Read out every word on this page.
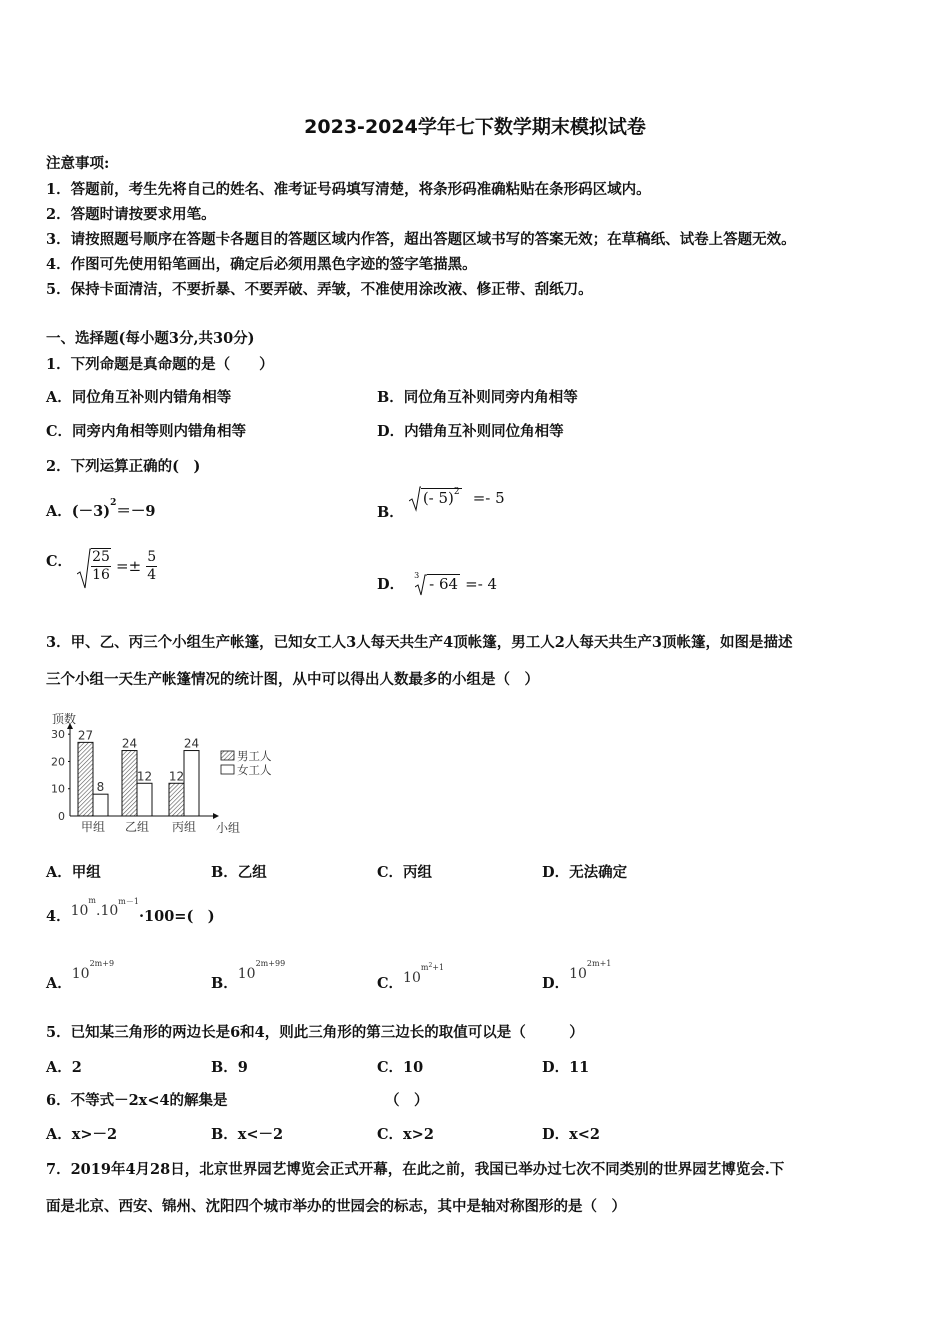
2023-2024学年七下数学期末模拟试卷
注意事项:
1．答题前，考生先将自己的姓名、准考证号码填写清楚，将条形码准确粘贴在条形码区域内。
2．答题时请按要求用笔。
3．请按照题号顺序在答题卡各题目的答题区域内作答，超出答题区域书写的答案无效；在草稿纸、试卷上答题无效。
4．作图可先使用铅笔画出，确定后必须用黑色字迹的签字笔描黑。
5．保持卡面清洁，不要折暴、不要弄破、弄皱，不准使用涂改液、修正带、刮纸刀。
一、选择题(每小题3分,共30分)
1．下列命题是真命题的是（　　）
A．同位角互补则内错角相等	B．同位角互补则同旁内角相等
C．同旁内角相等则内错角相等	D．内错角互补则同位角相等
2．下列运算正确的(　)
A．$(-3)^2=-9$	B．
(- 5)$^2$ =- 5
C． $\frac{25}{16} =\pm \frac{5}{4}$
D．
3 - 64 =- 4
3．甲、乙、丙三个小组生产帐篷，已知女工人3人每天共生产4顶帐篷，男工人2人每天共生产3顶帐篷，如图是描述
三个小组一天生产帐篷情况的统计图，从中可以得出人数最多的小组是（　）
顶数
0
10
20
30 27
8
24
12 12
24
甲组 乙组 丙组 小组
男工人
女工人
A．甲组	B．乙组	C．丙组	D．无法确定
4．$10^m.10^{m-1}\cdot 100=$(　)
A．$10^{2m+9}$
B．$10^{2m+99}$
C．$10^{m^2+1}$
D．$10^{2m+1}$
5．已知某三角形的两边长是6和4，则此三角形的第三边长的取值可以是（　　　）
A．2	B．9	C．10	D．11
6．不等式－2x<4的解集是	（　）
A．x>－2	B．x<－2	C．x>2	D．x<2
7．2019年4月28日，北京世界园艺博览会正式开幕，在此之前，我国已举办过七次不同类别的世界园艺博览会.下
面是北京、西安、锦州、沈阳四个城市举办的世园会的标志，其中是轴对称图形的是（　）
